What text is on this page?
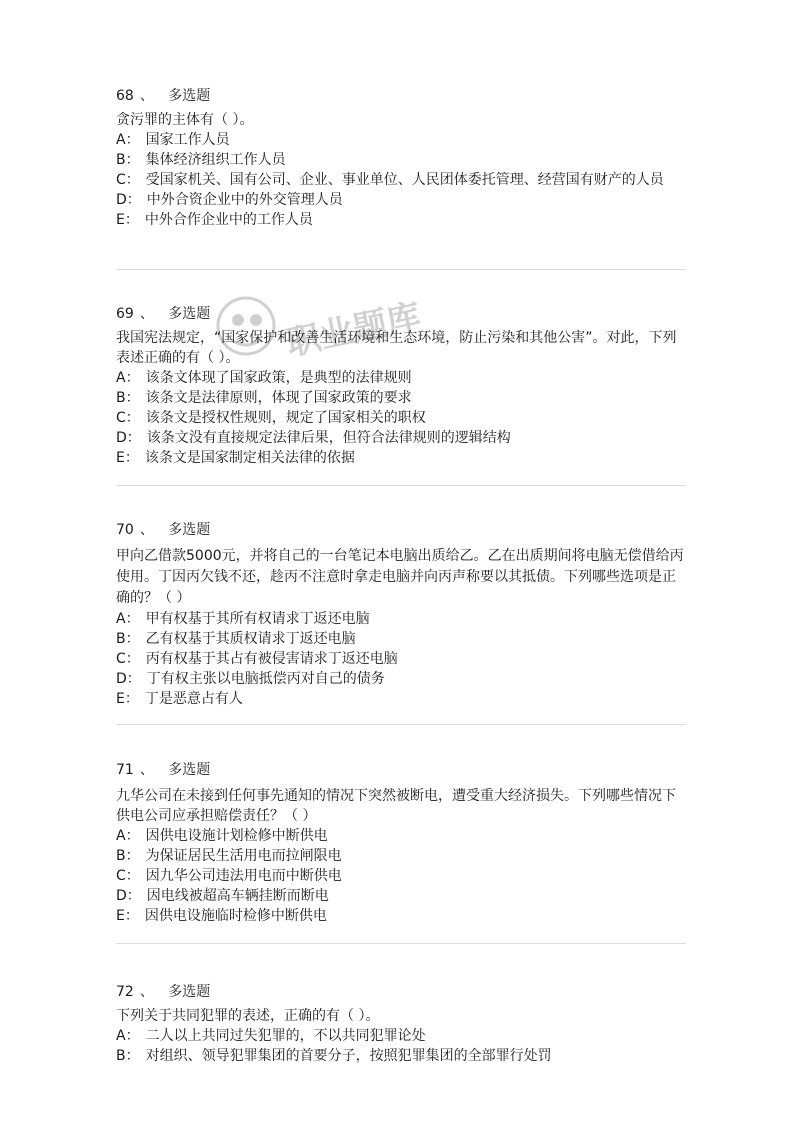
职业题库
68 、 多选题

贪污罪的主体有（ ）。

A： 国家工作人员
B： 集体经济组织工作人员
C： 受国家机关、国有公司、企业、事业单位、人民团体委托管理、经营国有财产的人员
D： 中外合资企业中的外交管理人员
E： 中外合作企业中的工作人员
69 、 多选题

我国宪法规定，“国家保护和改善生活环境和生态环境，防止污染和其他公害”。对此，下列表述正确的有（ ）。

A： 该条文体现了国家政策，是典型的法律规则
B： 该条文是法律原则，体现了国家政策的要求
C： 该条文是授权性规则，规定了国家相关的职权
D： 该条文没有直接规定法律后果，但符合法律规则的逻辑结构
E： 该条文是国家制定相关法律的依据
70 、 多选题

甲向乙借款5000元，并将自己的一台笔记本电脑出质给乙。乙在出质期间将电脑无偿借给丙使用。丁因丙欠钱不还，趁丙不注意时拿走电脑并向丙声称要以其抵债。下列哪些选项是正确的？（ ）

A： 甲有权基于其所有权请求丁返还电脑
B： 乙有权基于其质权请求丁返还电脑
C： 丙有权基于其占有被侵害请求丁返还电脑
D： 丁有权主张以电脑抵偿丙对自己的债务
E： 丁是恶意占有人
71 、 多选题

九华公司在未接到任何事先通知的情况下突然被断电，遭受重大经济损失。下列哪些情况下供电公司应承担赔偿责任？（ ）

A： 因供电设施计划检修中断供电
B： 为保证居民生活用电而拉闸限电
C： 因九华公司违法用电而中断供电
D： 因电线被超高车辆挂断而断电
E： 因供电设施临时检修中断供电
72 、 多选题

下列关于共同犯罪的表述，正确的有（ ）。

A： 二人以上共同过失犯罪的，不以共同犯罪论处
B： 对组织、领导犯罪集团的首要分子，按照犯罪集团的全部罪行处罚
